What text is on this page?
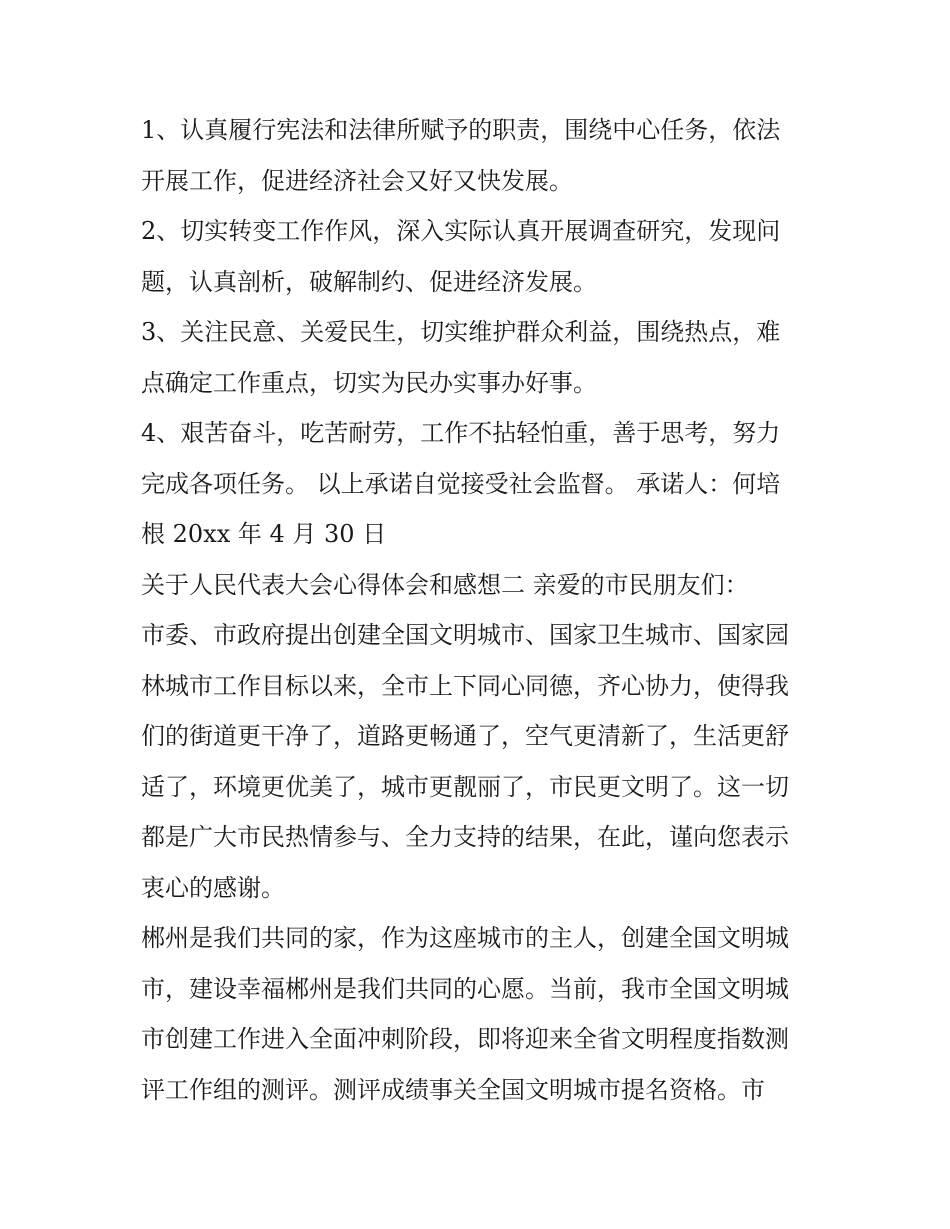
1、认真履行宪法和法律所赋予的职责，围绕中心任务，依法
开展工作，促进经济社会又好又快发展。
2、切实转变工作作风，深入实际认真开展调查研究，发现问
题，认真剖析，破解制约、促进经济发展。
3、关注民意、关爱民生，切实维护群众利益，围绕热点，难
点确定工作重点，切实为民办实事办好事。
4、艰苦奋斗，吃苦耐劳，工作不拈轻怕重，善于思考，努力
完成各项任务。 以上承诺自觉接受社会监督。 承诺人：何培
根 20xx 年 4 月 30 日
关于人民代表大会心得体会和感想二 亲爱的市民朋友们：
市委、市政府提出创建全国文明城市、国家卫生城市、国家园
林城市工作目标以来，全市上下同心同德，齐心协力，使得我
们的街道更干净了，道路更畅通了，空气更清新了，生活更舒
适了，环境更优美了，城市更靓丽了，市民更文明了。这一切
都是广大市民热情参与、全力支持的结果，在此，谨向您表示
衷心的感谢。
郴州是我们共同的家，作为这座城市的主人，创建全国文明城
市，建设幸福郴州是我们共同的心愿。当前，我市全国文明城
市创建工作进入全面冲刺阶段，即将迎来全省文明程度指数测
评工作组的测评。测评成绩事关全国文明城市提名资格。市
